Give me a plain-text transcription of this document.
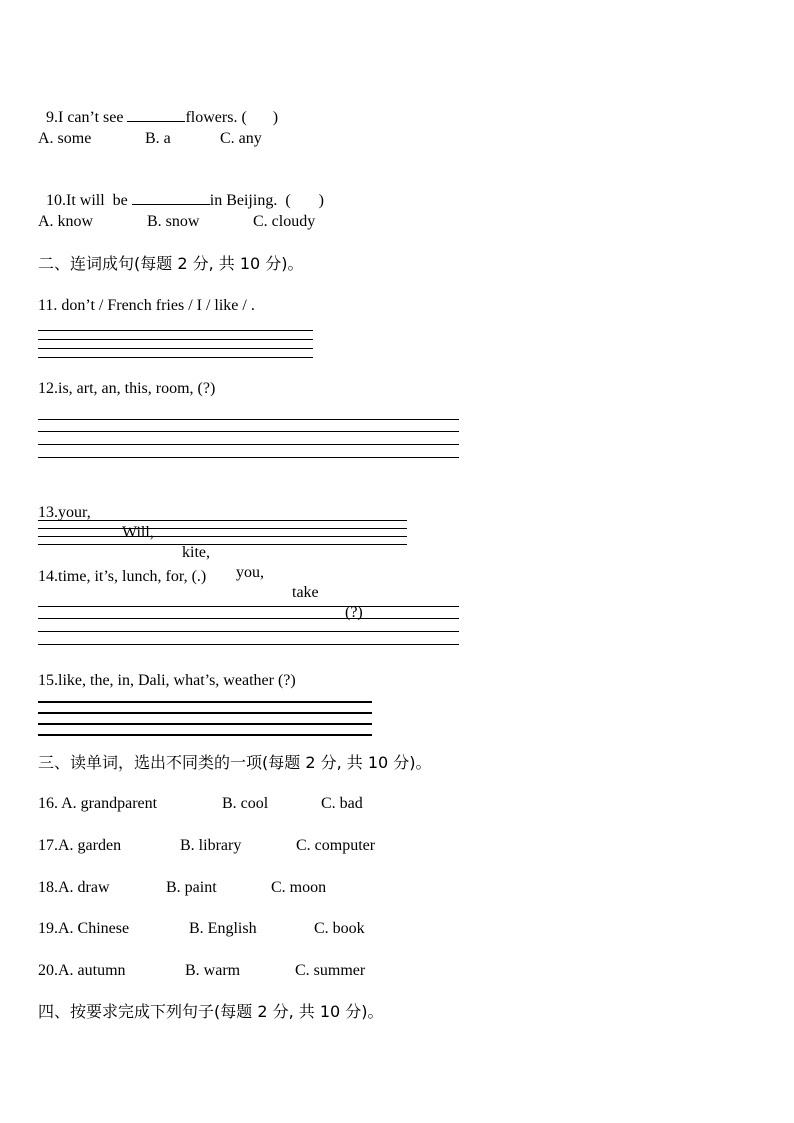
9.I can’t see	flowers. ( )

A. some	B. a	C. any

10.It will  be	in Beijing.  ( )

A. know	B. snow	C. cloudy
二、连词成句(每题 2 分, 共 10 分)。
11. don’t / French fries / I / like / .
12.is, art, an, this, room, (?)

13.your,

Will,

kite,

you,

take

(?)

14.time, it’s, lunch, for, (.)
15.like, the, in, Dali, what’s, weather (?)
三、读单词，选出不同类的一项(每题 2 分, 共 10 分)。
16. A. grandparent	B. cool	C. bad
17.A. garden	B. library	C. computer
18.A. draw	B. paint	C. moon
19.A. Chinese	B. English	C. book
20.A. autumn	B. warm	C. summer
四、按要求完成下列句子(每题 2 分, 共 10 分)。
